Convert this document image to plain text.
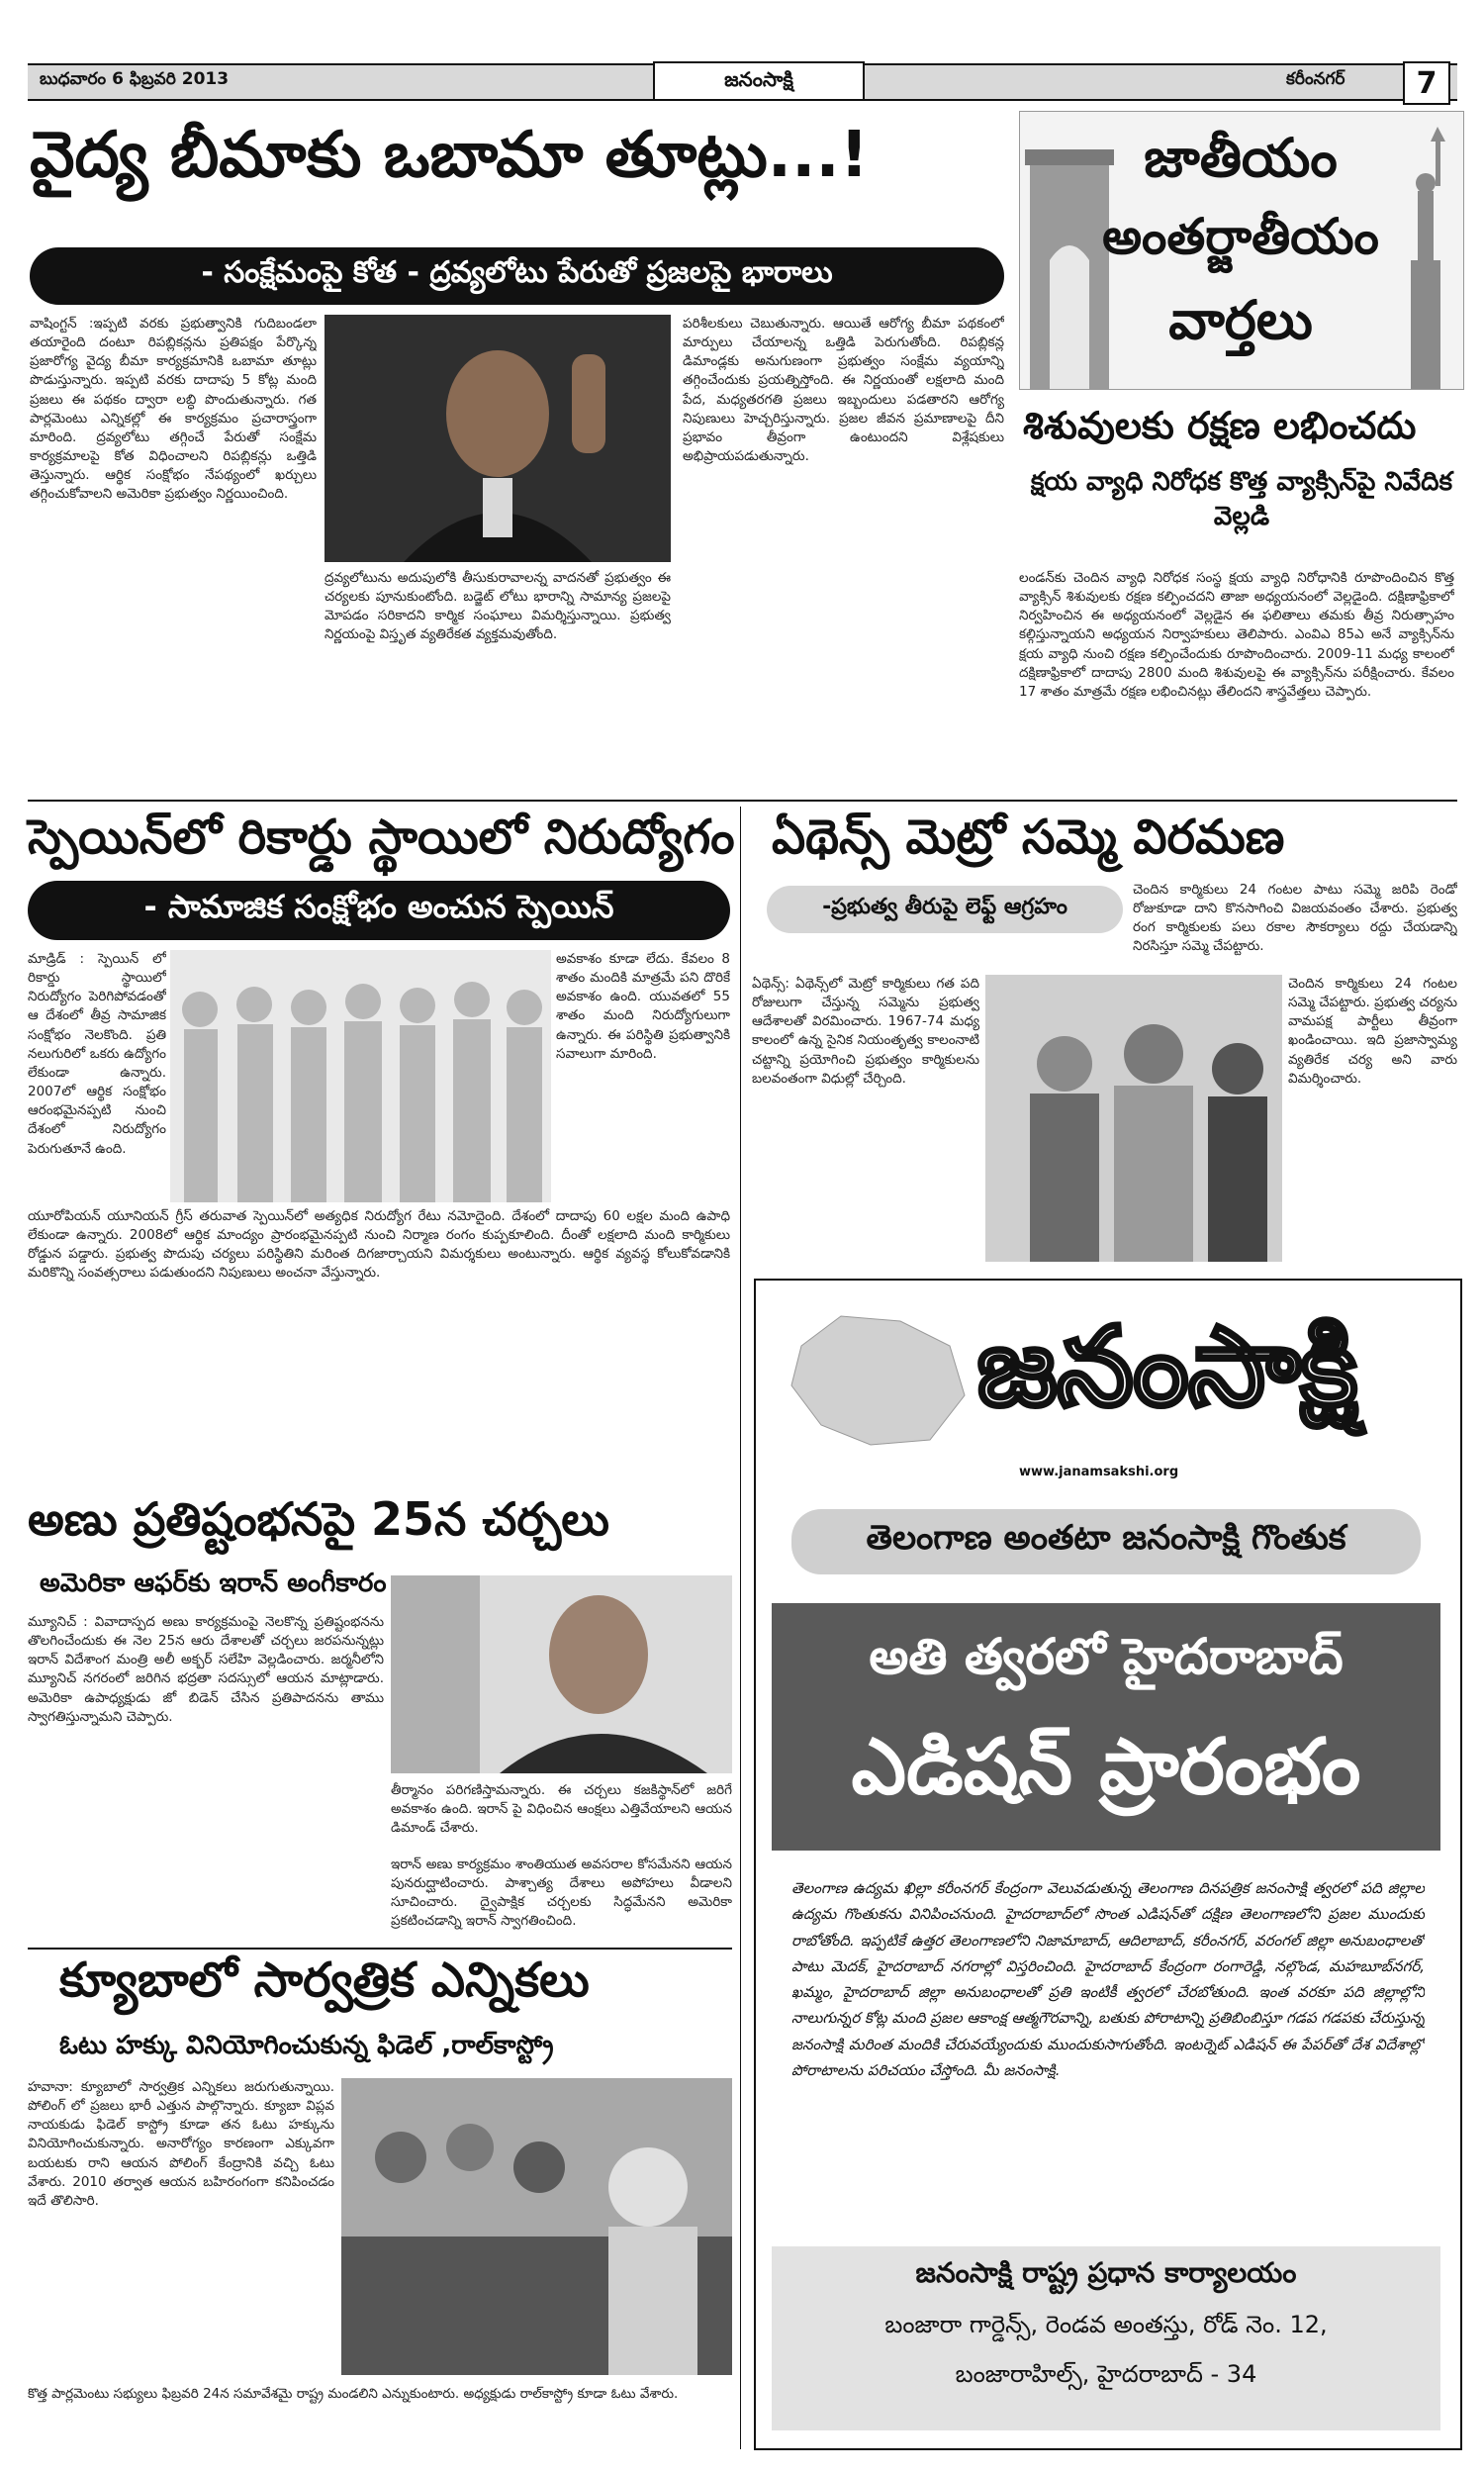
బుధవారం 6 ఫిబ్రవరి 2013	జనంసాక్షి	కరీంనగర్	7
జాతీయం
అంతర్జాతీయం
వార్తలు
వైద్య బీమాకు ఒబామా తూట్లు...!
- సంక్షేమంపై కోత - ద్రవ్యలోటు పేరుతో ప్రజలపై భారాలు
వాషింగ్టన్ :ఇప్పటి వరకు ప్రభుత్వానికి గుదిబండలా తయారైంది దంటూ రిపబ్లికన్లను ప్రతిపక్షం పేర్కొన్న ప్రజారోగ్య వైద్య బీమా కార్యక్రమానికి ఒబామా తూట్లు పొడుస్తున్నారు. ఇప్పటి వరకు దాదాపు 5 కోట్ల మంది ప్రజలు ఈ పథకం ద్వారా లబ్ధి పొందుతున్నారు. గత పార్లమెంటు ఎన్నికల్లో ఈ కార్యక్రమం ప్రచారాస్త్రంగా మారింది. ద్రవ్యలోటు తగ్గించే పేరుతో సంక్షేమ కార్యక్రమాలపై కోత విధించాలని రిపబ్లికన్లు ఒత్తిడి తెస్తున్నారు. ఆర్థిక సంక్షోభం నేపథ్యంలో ఖర్చులు తగ్గించుకోవాలని అమెరికా ప్రభుత్వం నిర్ణయించింది.
ద్రవ్యలోటును అదుపులోకి తీసుకురావాలన్న వాదనతో ప్రభుత్వం ఈ చర్యలకు పూనుకుంటోంది. బడ్జెట్ లోటు భారాన్ని సామాన్య ప్రజలపై మోపడం సరికాదని కార్మిక సంఘాలు విమర్శిస్తున్నాయి. ప్రభుత్వ నిర్ణయంపై విస్తృత వ్యతిరేకత వ్యక్తమవుతోంది.
పరిశీలకులు చెబుతున్నారు. ఆయితే ఆరోగ్య బీమా పథకంలో మార్పులు చేయాలన్న ఒత్తిడి పెరుగుతోంది. రిపబ్లికన్ల డిమాండ్లకు అనుగుణంగా ప్రభుత్వం సంక్షేమ వ్యయాన్ని తగ్గించేందుకు ప్రయత్నిస్తోంది. ఈ నిర్ణయంతో లక్షలాది మంది పేద, మధ్యతరగతి ప్రజలు ఇబ్బందులు పడతారని ఆరోగ్య నిపుణులు హెచ్చరిస్తున్నారు. ప్రజల జీవన ప్రమాణాలపై దీని ప్రభావం తీవ్రంగా ఉంటుందని విశ్లేషకులు అభిప్రాయపడుతున్నారు.
శిశువులకు రక్షణ లభించదు
క్షయ వ్యాధి నిరోధక కొత్త వ్యాక్సిన్‌పై నివేదిక వెల్లడి
లండన్‌కు చెందిన వ్యాధి నిరోధక సంస్థ క్షయ వ్యాధి నిరోధానికి రూపొందించిన కొత్త వ్యాక్సిన్ శిశువులకు రక్షణ కల్పించదని తాజా అధ్యయనంలో వెల్లడైంది. దక్షిణాఫ్రికాలో నిర్వహించిన ఈ అధ్యయనంలో వెల్లడైన ఈ ఫలితాలు తమకు తీవ్ర నిరుత్సాహం కల్గిస్తున్నాయని అధ్యయన నిర్వాహకులు తెలిపారు. ఎంవిఎ 85ఎ అనే వ్యాక్సిన్‌ను క్షయ వ్యాధి నుంచి రక్షణ కల్పించేందుకు రూపొందించారు. 2009-11 మధ్య కాలంలో దక్షిణాఫ్రికాలో దాదాపు 2800 మంది శిశువులపై ఈ వ్యాక్సిన్‌ను పరీక్షించారు. కేవలం 17 శాతం మాత్రమే రక్షణ లభించినట్లు తేలిందని శాస్త్రవేత్తలు చెప్పారు.
స్పెయిన్‌లో రికార్డు స్థాయిలో నిరుద్యోగం
- సామాజిక సంక్షోభం అంచున స్పెయిన్
మాడ్రిడ్ : స్పెయిన్ లో రికార్డు స్థాయిలో నిరుద్యోగం పెరిగిపోవడంతో ఆ దేశంలో తీవ్ర సామాజిక సంక్షోభం నెలకొంది. ప్రతి నలుగురిలో ఒకరు ఉద్యోగం లేకుండా ఉన్నారు. 2007లో ఆర్థిక సంక్షోభం ఆరంభమైనప్పటి నుంచి దేశంలో నిరుద్యోగం పెరుగుతూనే ఉంది.
అవకాశం కూడా లేదు. కేవలం 8 శాతం మందికి మాత్రమే పని దొరికే అవకాశం ఉంది. యువతలో 55 శాతం మంది నిరుద్యోగులుగా ఉన్నారు. ఈ పరిస్థితి ప్రభుత్వానికి సవాలుగా మారింది.
యూరోపియన్ యూనియన్ గ్రీస్ తరువాత స్పెయిన్‌లో అత్యధిక నిరుద్యోగ రేటు నమోదైంది. దేశంలో దాదాపు 60 లక్షల మంది ఉపాధి లేకుండా ఉన్నారు. 2008లో ఆర్థిక మాంద్యం ప్రారంభమైనప్పటి నుంచి నిర్మాణ రంగం కుప్పకూలింది. దీంతో లక్షలాది మంది కార్మికులు రోడ్డున పడ్డారు. ప్రభుత్వ పొదుపు చర్యలు పరిస్థితిని మరింత దిగజార్చాయని విమర్శకులు అంటున్నారు. ఆర్థిక వ్యవస్థ కోలుకోవడానికి మరికొన్ని సంవత్సరాలు పడుతుందని నిపుణులు అంచనా వేస్తున్నారు.
ఏథెన్స్ మెట్రో సమ్మె విరమణ
-ప్రభుత్వ తీరుపై లెఫ్ట్ ఆగ్రహం
చెందిన కార్మికులు 24 గంటల పాటు సమ్మె జరిపి రెండో రోజుకూడా దాని కొనసాగించి విజయవంతం చేశారు. ప్రభుత్వ రంగ కార్మికులకు పలు రకాల సౌకర్యాలు రద్దు చేయడాన్ని నిరసిస్తూ సమ్మె చేపట్టారు.
ఏథెన్స్: ఏథెన్స్‌లో మెట్రో కార్మికులు గత పది రోజులుగా చేస్తున్న సమ్మెను ప్రభుత్వ ఆదేశాలతో విరమించారు. 1967-74 మధ్య కాలంలో ఉన్న సైనిక నియంతృత్వ కాలంనాటి చట్టాన్ని ప్రయోగించి ప్రభుత్వం కార్మికులను బలవంతంగా విధుల్లో చేర్చింది.
చెందిన కార్మికులు 24 గంటల సమ్మె చేపట్టారు. ప్రభుత్వ చర్యను వామపక్ష పార్టీలు తీవ్రంగా ఖండించాయి. ఇది ప్రజాస్వామ్య వ్యతిరేక చర్య అని వారు విమర్శించారు.
అణు ప్రతిష్టంభనపై 25న చర్చలు
అమెరికా ఆఫర్‌కు ఇరాన్ అంగీకారం
మ్యూనిచ్ : వివాదాస్పద అణు కార్యక్రమంపై నెలకొన్న ప్రతిష్టంభనను తొలగించేందుకు ఈ నెల 25న ఆరు దేశాలతో చర్చలు జరపనున్నట్లు ఇరాన్ విదేశాంగ మంత్రి అలీ అక్బర్ సలేహి వెల్లడించారు. జర్మనీలోని మ్యూనిచ్ నగరంలో జరిగిన భద్రతా సదస్సులో ఆయన మాట్లాడారు. అమెరికా ఉపాధ్యక్షుడు జో బిడెన్ చేసిన ప్రతిపాదనను తాము స్వాగతిస్తున్నామని చెప్పారు.
తీర్మానం పరిగణిస్తామన్నారు. ఈ చర్చలు కజకిస్థాన్‌లో జరిగే అవకాశం ఉంది. ఇరాన్ పై విధించిన ఆంక్షలు ఎత్తివేయాలని ఆయన డిమాండ్ చేశారు.
ఇరాన్ అణు కార్యక్రమం శాంతియుత అవసరాల కోసమేనని ఆయన పునరుద్ఘాటించారు. పాశ్చాత్య దేశాలు అపోహలు వీడాలని సూచించారు. ద్వైపాక్షిక చర్చలకు సిద్ధమేనని అమెరికా ప్రకటించడాన్ని ఇరాన్ స్వాగతించింది.
క్యూబాలో సార్వత్రిక ఎన్నికలు
ఓటు హక్కు వినియోగించుకున్న ఫిడెల్ ,రాల్‌కాస్ట్రో
హవానా: క్యూబాలో సార్వత్రిక ఎన్నికలు జరుగుతున్నాయి. పోలింగ్ లో ప్రజలు భారీ ఎత్తున పాల్గొన్నారు. క్యూబా విప్లవ నాయకుడు ఫిడెల్ కాస్ట్రో కూడా తన ఓటు హక్కును వినియోగించుకున్నారు. అనారోగ్యం కారణంగా ఎక్కువగా బయటకు రాని ఆయన పోలింగ్ కేంద్రానికి వచ్చి ఓటు వేశారు. 2010 తర్వాత ఆయన బహిరంగంగా కనిపించడం ఇదే తొలిసారి.
కొత్త పార్లమెంటు సభ్యులు ఫిబ్రవరి 24న సమావేశమై రాష్ట్ర మండలిని ఎన్నుకుంటారు. అధ్యక్షుడు రాల్‌కాస్ట్రో కూడా ఓటు వేశారు.
జనంసాక్షి
www.janamsakshi.org
తెలంగాణ అంతటా జనంసాక్షి గొంతుక
అతి త్వరలో హైదరాబాద్
ఎడిషన్ ప్రారంభం
తెలంగాణ ఉద్యమ ఖిల్లా కరీంనగర్ కేంద్రంగా వెలువడుతున్న తెలంగాణ దినపత్రిక జనంసాక్షి త్వరలో పది జిల్లాల ఉద్యమ గొంతుకను వినిపించనుంది. హైదరాబాద్‌లో సొంత ఎడిషన్‌తో దక్షిణ తెలంగాణలోని ప్రజల ముందుకు రాబోతోంది. ఇప్పటికే ఉత్తర తెలంగాణలోని నిజామాబాద్, ఆదిలాబాద్, కరీంనగర్, వరంగల్ జిల్లా అనుబంధాలతో పాటు మెదక్, హైదరాబాద్ నగరాల్లో విస్తరించింది. హైదరాబాద్ కేంద్రంగా రంగారెడ్డి, నల్గొండ, మహబూబ్‌నగర్, ఖమ్మం, హైదరాబాద్ జిల్లా అనుబంధాలతో ప్రతి ఇంటికీ త్వరలో చేరబోతుంది. ఇంత వరకూ పది జిల్లాల్లోని నాలుగున్నర కోట్ల మంది ప్రజల ఆకాంక్ష ఆత్మగౌరవాన్ని, బతుకు పోరాటాన్ని ప్రతిబింబిస్తూ గడప గడపకు చేరుస్తున్న జనంసాక్షి మరింత మందికి చేరువయ్యేందుకు ముందుకుసాగుతోంది. ఇంటర్నెట్ ఎడిషన్ ఈ పేపర్‌తో దేశ విదేశాల్లో పోరాటాలను పరిచయం చేస్తోంది. మీ జనంసాక్షి.
జనంసాక్షి రాష్ట్ర ప్రధాన కార్యాలయం
బంజారా గార్డెన్స్, రెండవ అంతస్తు, రోడ్ నెం. 12,
బంజారాహిల్స్, హైదరాబాద్ - 34
